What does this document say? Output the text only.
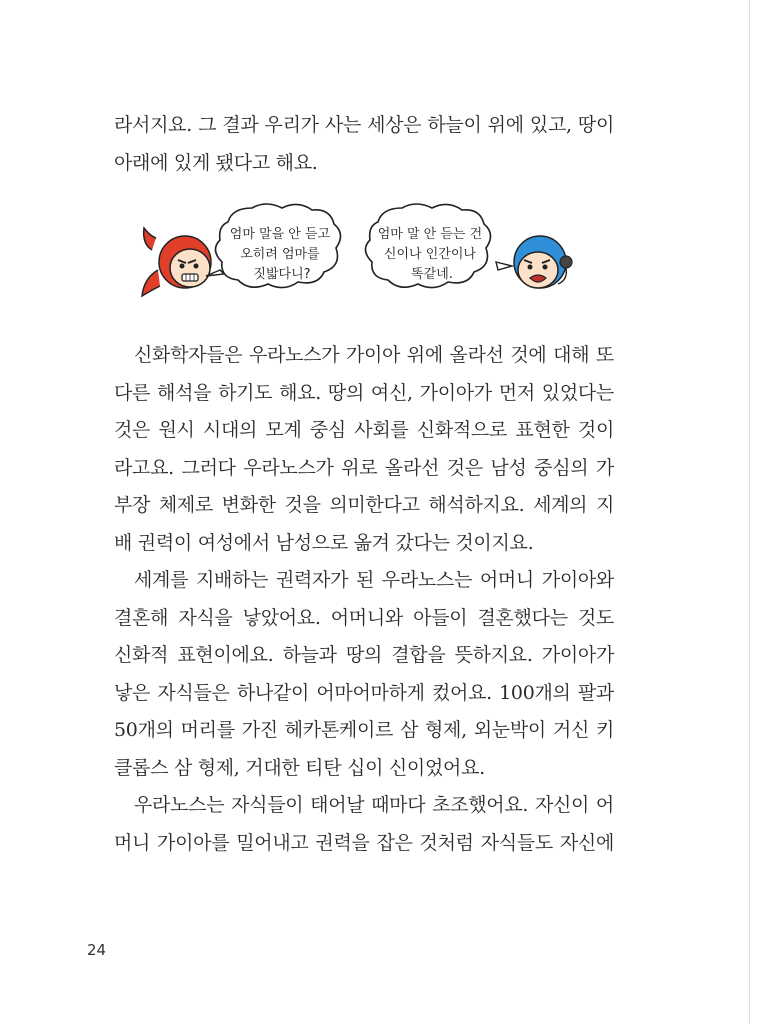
라서지요. 그 결과 우리가 사는 세상은 하늘이 위에 있고, 땅이
아래에 있게 됐다고 해요.
엄마 말을 안 듣고 오히려 엄마를 짓밟다니?
엄마 말 안 듣는 건 신이나 인간이나 똑같네.
신화학자들은 우라노스가 가이아 위에 올라선 것에 대해 또
다른 해석을 하기도 해요. 땅의 여신, 가이아가 먼저 있었다는
것은 원시 시대의 모계 중심 사회를 신화적으로 표현한 것이
라고요. 그러다 우라노스가 위로 올라선 것은 남성 중심의 가
부장 체제로 변화한 것을 의미한다고 해석하지요. 세계의 지
배 권력이 여성에서 남성으로 옮겨 갔다는 것이지요.
세계를 지배하는 권력자가 된 우라노스는 어머니 가이아와
결혼해 자식을 낳았어요. 어머니와 아들이 결혼했다는 것도
신화적 표현이에요. 하늘과 땅의 결합을 뜻하지요. 가이아가
낳은 자식들은 하나같이 어마어마하게 컸어요. 100개의 팔과
50개의 머리를 가진 헤카톤케이르 삼 형제, 외눈박이 거신 키
클롭스 삼 형제, 거대한 티탄 십이 신이었어요.
우라노스는 자식들이 태어날 때마다 초조했어요. 자신이 어
머니 가이아를 밀어내고 권력을 잡은 것처럼 자식들도 자신에
24
